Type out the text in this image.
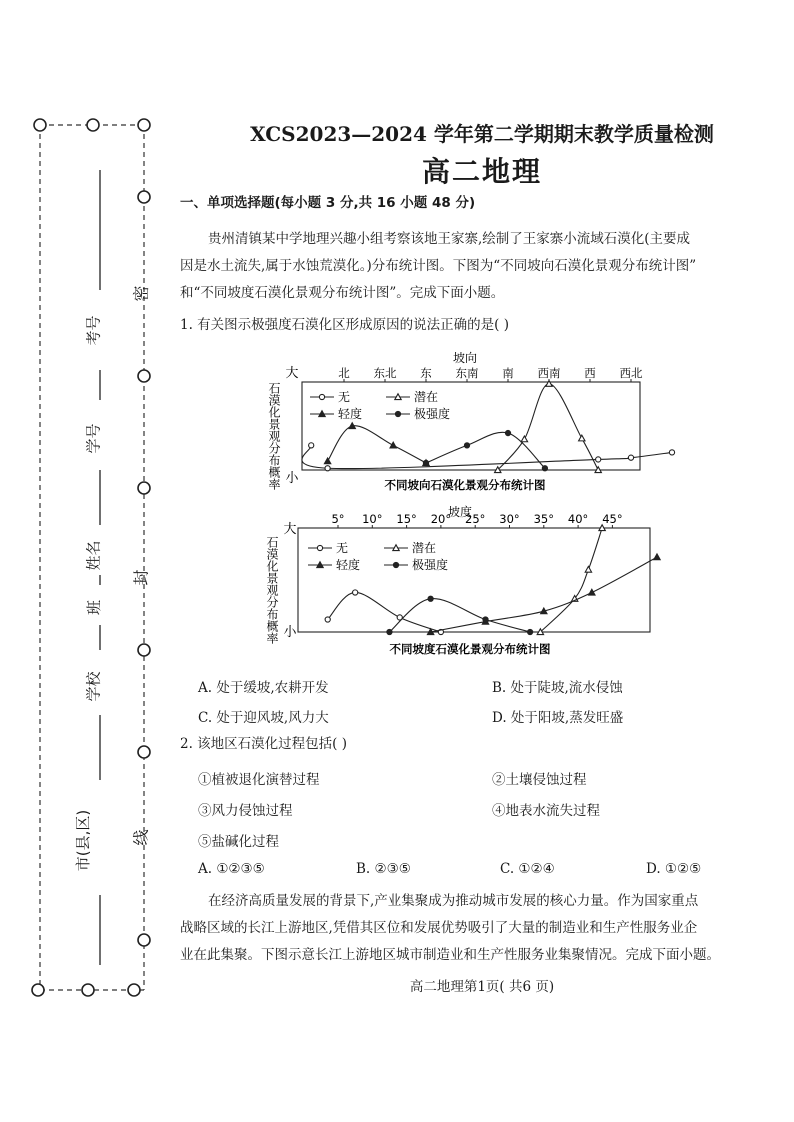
考号
学号
姓名
班
学校
市(县,区)
密
封
线
XCS2023—2024 学年第二学期期末教学质量检测
高二地理
一、单项选择题(每小题 3 分,共 16 小题 48 分)
贵州清镇某中学地理兴趣小组考察该地王家寨,绘制了王家寨小流域石漠化(主要成
因是水土流失,属于水蚀荒漠化。)分布统计图。下图为“不同坡向石漠化景观分布统计图”
和“不同坡度石漠化景观分布统计图”。完成下面小题。
1. 有关图示极强度石漠化区形成原因的说法正确的是( )
坡向
大
小
石漠化景观分布概率	不同坡向石漠化景观分布统计图
北 东北 东 东南 南 西南 西 西北
无	潜在
轻度	极强度
坡度
大
小
石漠化景观分布概率
不同坡度石漠化景观分布统计图
5° 10° 15° 20° 25° 30° 35° 40° 45°
无	潜在
轻度	极强度
A. 处于缓坡,农耕开发	B. 处于陡坡,流水侵蚀
C. 处于迎风坡,风力大	D. 处于阳坡,蒸发旺盛
2. 该地区石漠化过程包括( )
①植被退化演替过程	②土壤侵蚀过程
③风力侵蚀过程	④地表水流失过程
⑤盐碱化过程
A. ①②③⑤	B. ②③⑤	C. ①②④	D. ①②⑤
在经济高质量发展的背景下,产业集聚成为推动城市发展的核心力量。作为国家重点
战略区域的长江上游地区,凭借其区位和发展优势吸引了大量的制造业和生产性服务业企
业在此集聚。下图示意长江上游地区城市制造业和生产性服务业集聚情况。完成下面小题。
高二地理第1页( 共6 页)
